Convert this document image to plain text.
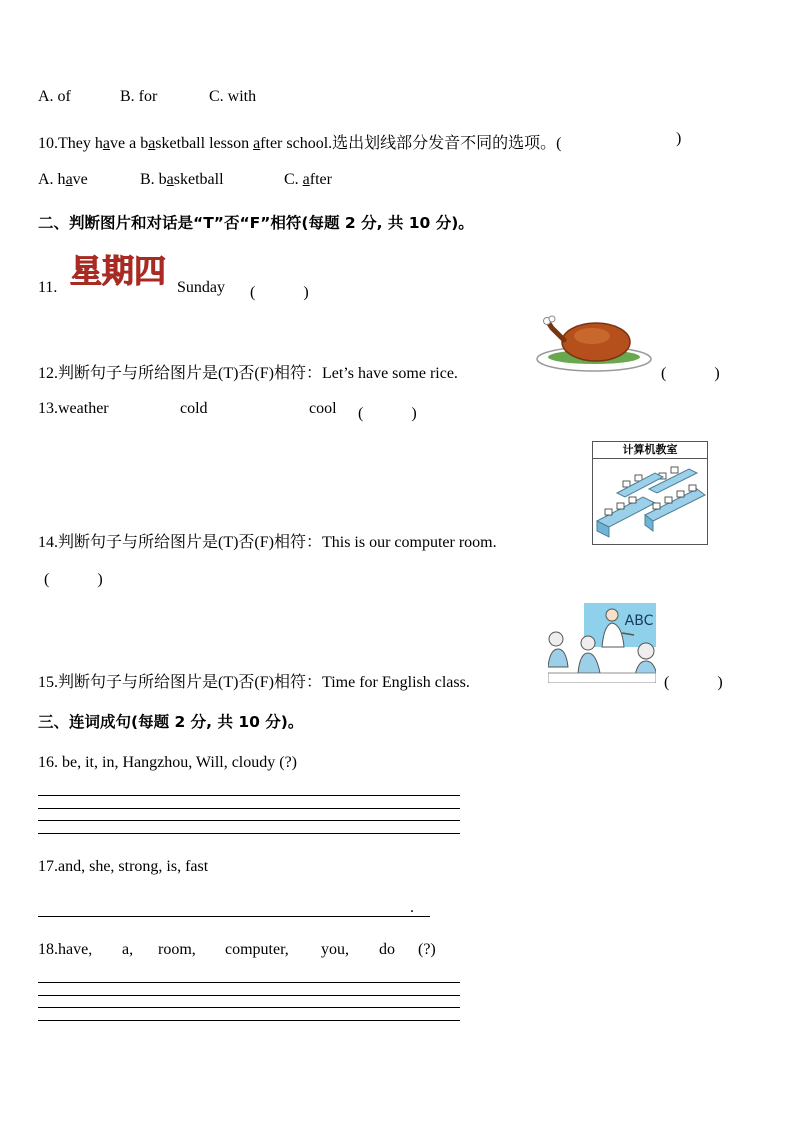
A. of	B. for	C. with
10.They have a basketball lesson after school.选出划线部分发音不同的选项。(	)
A. have	B. basketball	C. after
二、判断图片和对话是“T”否“F”相符(每题 2 分, 共 10 分)。
11. 星期四 Sunday (　　　)
12.判断句子与所给图片是(T)否(F)相符：Let’s have some rice.	(　　　)
13.weather	cold	cool (　　　)
计算机教室
14.判断句子与所给图片是(T)否(F)相符：This is our computer room.
(　　　)
ABC
15.判断句子与所给图片是(T)否(F)相符：Time for English class.	(　　　)
三、连词成句(每题 2 分, 共 10 分)。
16. be, it, in, Hangzhou, Will, cloudy (?)
17.and, she, strong, is, fast
.
18.have, a, room, computer, you, do (?)
